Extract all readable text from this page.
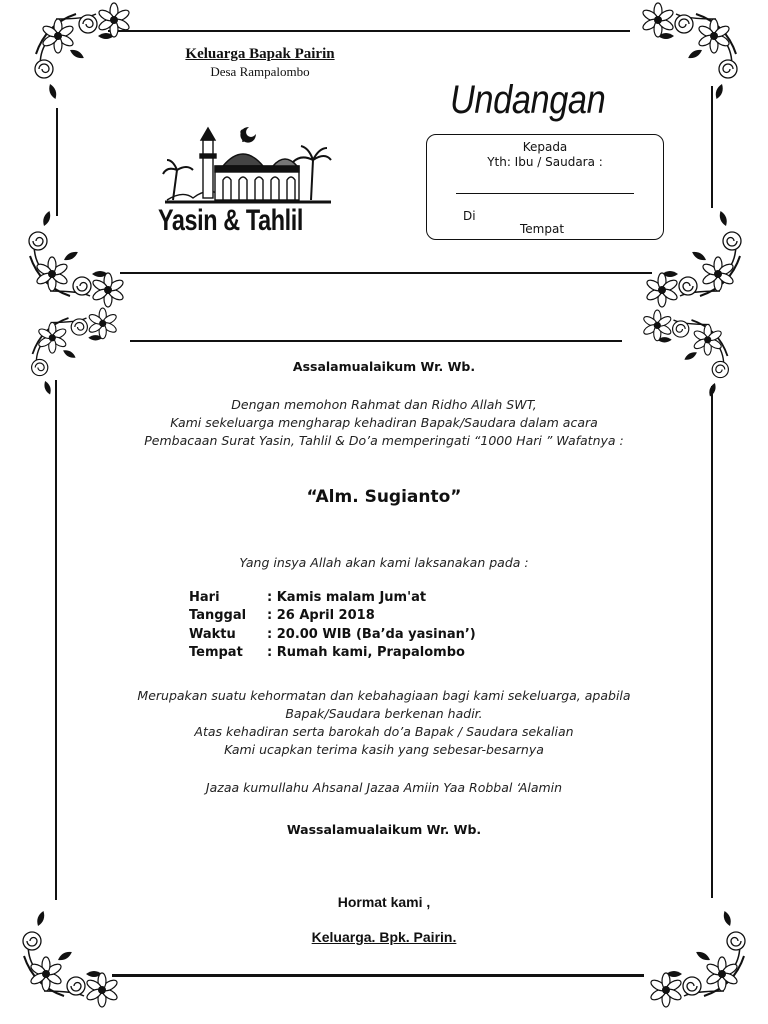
Keluarga Bapak Pairin
Desa Rampalombo
Undangan
Yasin & Tahlil
Kepada
Yth: Ibu / Saudara :
Di
Tempat
Assalamualaikum Wr. Wb.
Dengan memohon Rahmat dan Ridho Allah SWT,
Kami sekeluarga mengharap kehadiran Bapak/Saudara dalam acara
Pembacaan Surat Yasin, Tahlil & Do’a memperingati “1000 Hari ” Wafatnya :
“Alm. Sugianto”
Yang insya Allah akan kami laksanakan pada :
Hari	: Kamis malam Jum'at
Tanggal : 26 April 2018
Waktu : 20.00 WIB (Ba’da yasinan’)
Tempat : Rumah kami, Prapalombo
Merupakan suatu kehormatan dan kebahagiaan bagi kami sekeluarga, apabila
Bapak/Saudara berkenan hadir.
Atas kehadiran serta barokah do’a Bapak / Saudara sekalian
Kami ucapkan terima kasih yang sebesar-besarnya
Jazaa kumullahu Ahsanal Jazaa Amiin Yaa Robbal ‘Alamin
Wassalamualaikum Wr. Wb.
Hormat kami ,
Keluarga. Bpk. Pairin.
